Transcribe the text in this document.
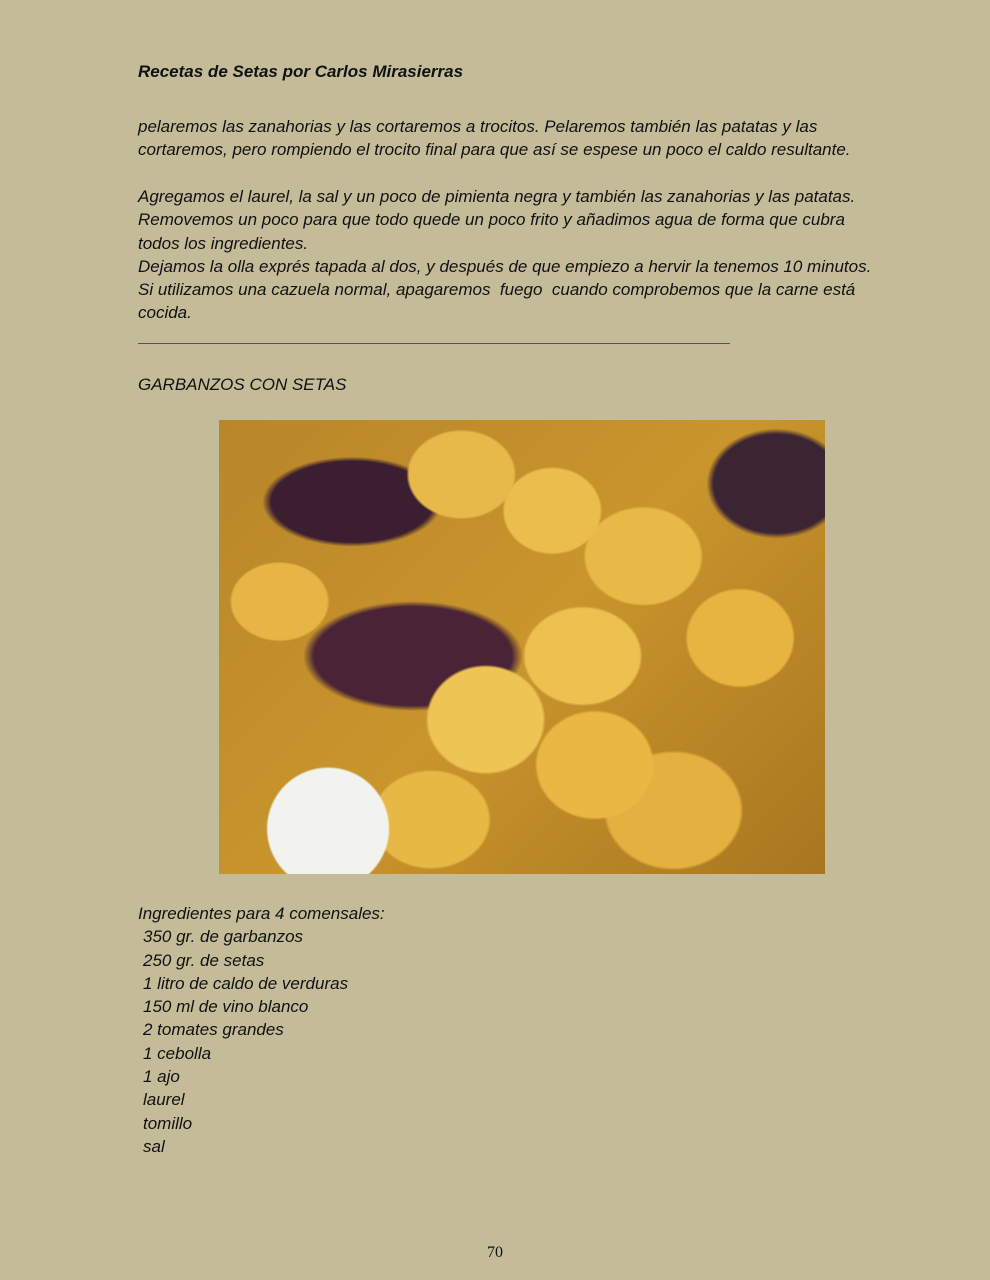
Recetas de Setas por Carlos Mirasierras
pelaremos las zanahorias y las cortaremos a trocitos. Pelaremos también las patatas y las
cortaremos, pero rompiendo el trocito final para que así se espese un poco el caldo resultante.
Agregamos el laurel, la sal y un poco de pimienta negra y también las zanahorias y las patatas.
Removemos un poco para que todo quede un poco frito y añadimos agua de forma que cubra
todos los ingredientes.
Dejamos la olla exprés tapada al dos, y después de que empiezo a hervir la tenemos 10 minutos.
Si utilizamos una cazuela normal, apagaremos  fuego  cuando comprobemos que la carne está
cocida.
GARBANZOS CON SETAS
Ingredientes para 4 comensales:
350 gr. de garbanzos
250 gr. de setas
1 litro de caldo de verduras
150 ml de vino blanco
2 tomates grandes
1 cebolla
1 ajo
laurel
tomillo
sal
70
